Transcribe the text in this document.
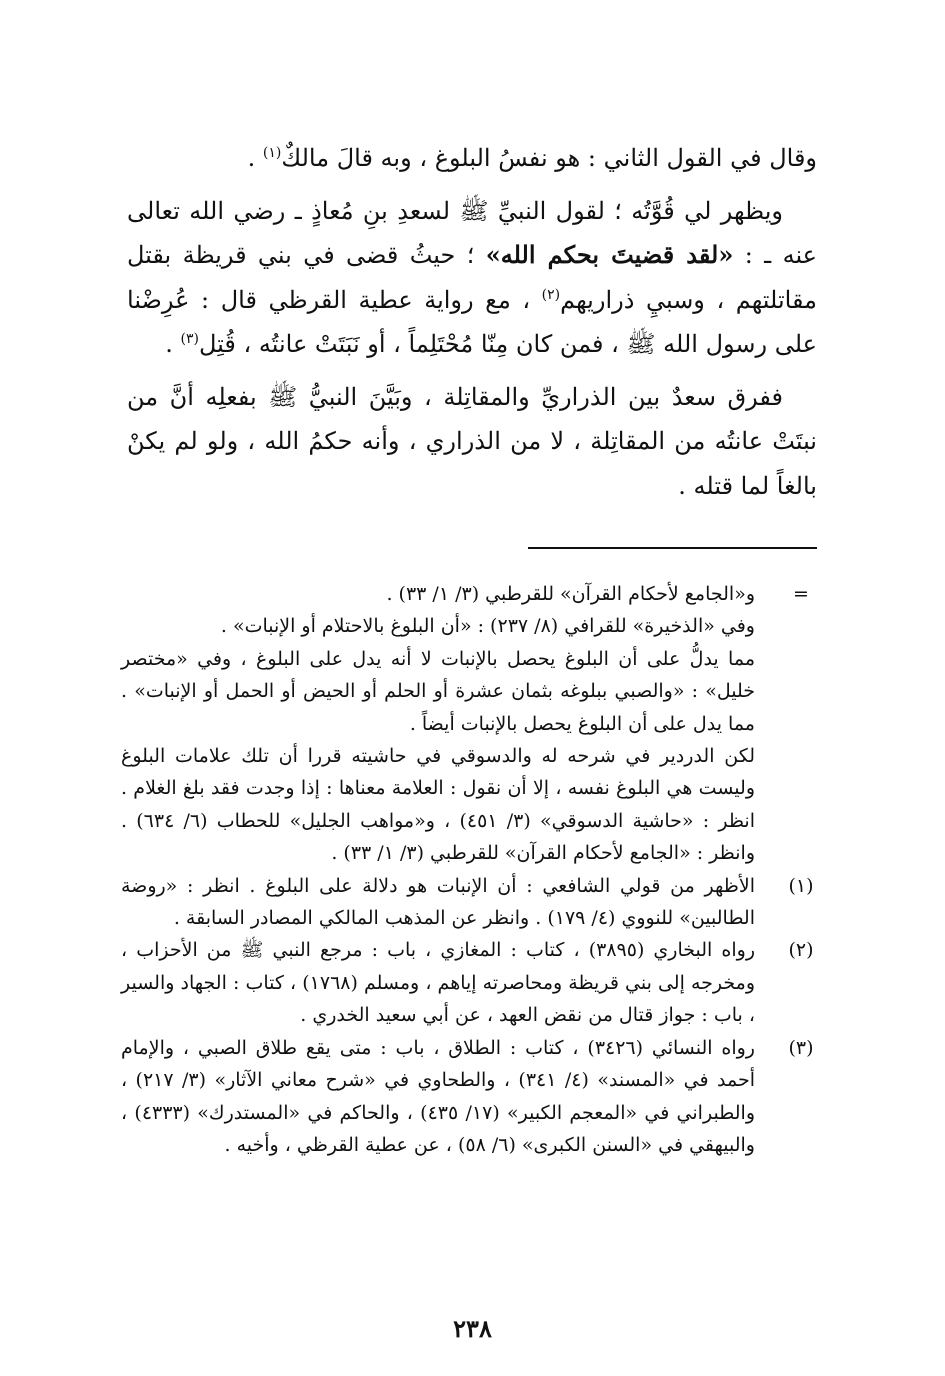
وقال في القول الثاني : هو نفسُ البلوغ ، وبه قالَ مالكٌ$^{(١)}$ .

ويظهر لي قُوَّتُه ؛ لقول النبيِّ ﷺ لسعدِ بنِ مُعاذٍ ـ رضي الله تعالى عنه ـ : «لقد قضيتَ بحكم الله» ؛ حيثُ قضى في بني قريظة بقتل مقاتلتهم ، وسبيِ ذراريهم$^{(٢)}$ ، مع رواية عطية القرظي قال : عُرِضْنا على رسول الله ﷺ ، فمن كان مِنّا مُحْتَلِماً ، أو نَبَتَتْ عانتُه ، قُتِل$^{(٣)}$ .

ففرق سعدٌ بين الذراريِّ والمقاتِلة ، وبَيَّنَ النبيُّ ﷺ بفعلِه أنَّ من نبتَتْ عانتُه من المقاتِلة ، لا من الذراري ، وأنه حكمُ الله ، ولو لم يكنْ بالغاً لما قتله .

=

و«الجامع لأحكام القرآن» للقرطبي (٣/ ١/ ٣٣) .

وفي «الذخيرة» للقرافي (٨/ ٢٣٧) : «أن البلوغ بالاحتلام أو الإنبات» .

مما يدلُّ على أن البلوغ يحصل بالإنبات لا أنه يدل على البلوغ ، وفي «مختصر خليل» : «والصبي ببلوغه بثمان عشرة أو الحلم أو الحيض أو الحمل أو الإنبات» . مما يدل على أن البلوغ يحصل بالإنبات أيضاً .

لكن الدردير في شرحه له والدسوقي في حاشيته قررا أن تلك علامات البلوغ وليست هي البلوغ نفسه ، إلا أن نقول : العلامة معناها : إذا وجدت فقد بلغ الغلام . انظر : «حاشية الدسوقي» (٣/ ٤٥١) ، و«مواهب الجليل» للحطاب (٦/ ٦٣٤) . وانظر : «الجامع لأحكام القرآن» للقرطبي (٣/ ١/ ٣٣) .

(١)

الأظهر من قولي الشافعي : أن الإنبات هو دلالة على البلوغ . انظر : «روضة الطالبين» للنووي (٤/ ١٧٩) . وانظر عن المذهب المالكي المصادر السابقة .

(٢)

رواه البخاري (٣٨٩٥) ، كتاب : المغازي ، باب : مرجع النبي ﷺ من الأحزاب ، ومخرجه إلى بني قريظة ومحاصرته إياهم ، ومسلم (١٧٦٨) ، كتاب : الجهاد والسير ، باب : جواز قتال من نقض العهد ، عن أبي سعيد الخدري .

(٣)

رواه النسائي (٣٤٢٦) ، كتاب : الطلاق ، باب : متى يقع طلاق الصبي ، والإمام أحمد في «المسند» (٤/ ٣٤١) ، والطحاوي في «شرح معاني الآثار» (٣/ ٢١٧) ، والطبراني في «المعجم الكبير» (١٧/ ٤٣٥) ، والحاكم في «المستدرك» (٤٣٣٣) ، والبيهقي في «السنن الكبرى» (٦/ ٥٨) ، عن عطية القرظي ، وأخيه .

٢٣٨
